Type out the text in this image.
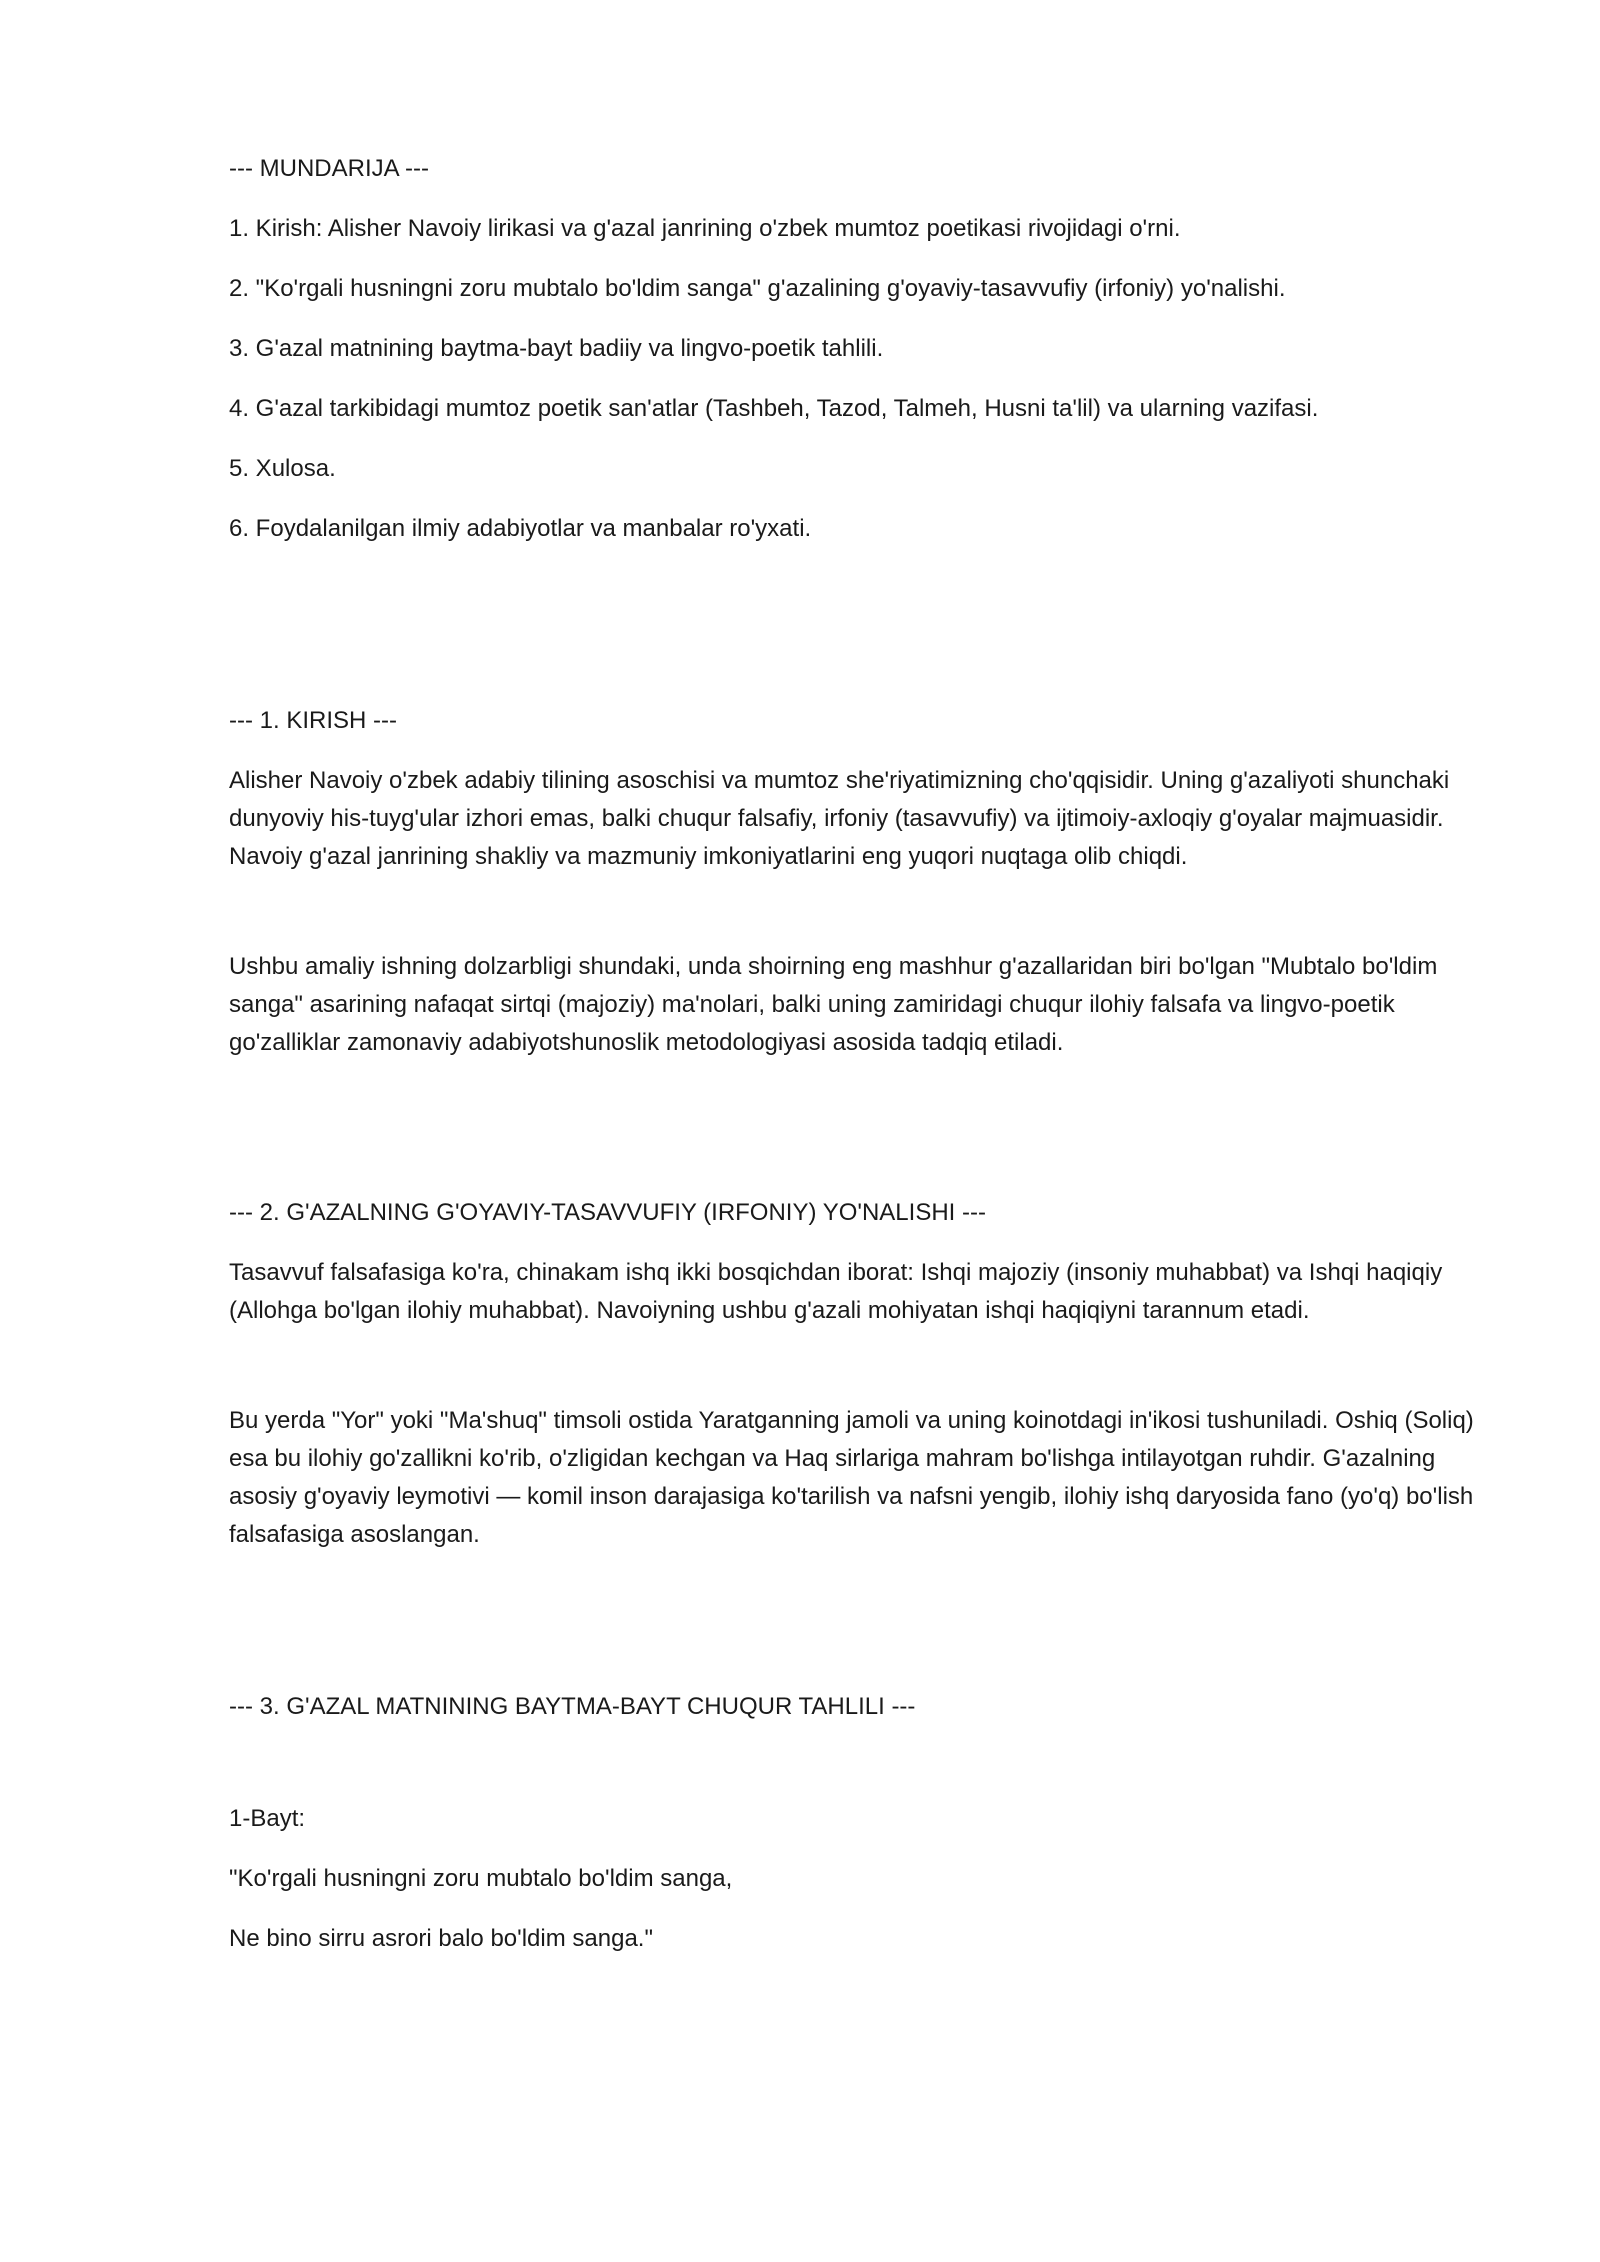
--- MUNDARIJA ---

1. Kirish: Alisher Navoiy lirikasi va g'azal janrining o'zbek mumtoz poetikasi rivojidagi o'rni.

2. "Ko'rgali husningni zoru mubtalo bo'ldim sanga" g'azalining g'oyaviy-tasavvufiy (irfoniy) yo'nalishi.

3. G'azal matnining baytma-bayt badiiy va lingvo-poetik tahlili.

4. G'azal tarkibidagi mumtoz poetik san'atlar (Tashbeh, Tazod, Talmeh, Husni ta'lil) va ularning vazifasi.

5. Xulosa.

6. Foydalanilgan ilmiy adabiyotlar va manbalar ro'yxati.

--- 1. KIRISH ---

Alisher Navoiy o'zbek adabiy tilining asoschisi va mumtoz she'riyatimizning cho'qqisidir. Uning g'azaliyoti shunchaki dunyoviy his-tuyg'ular izhori emas, balki chuqur falsafiy, irfoniy (tasavvufiy) va ijtimoiy-axloqiy g'oyalar majmuasidir. Navoiy g'azal janrining shakliy va mazmuniy imkoniyatlarini eng yuqori nuqtaga olib chiqdi.

Ushbu amaliy ishning dolzarbligi shundaki, unda shoirning eng mashhur g'azallaridan biri bo'lgan "Mubtalo bo'ldim sanga" asarining nafaqat sirtqi (majoziy) ma'nolari, balki uning zamiridagi chuqur ilohiy falsafa va lingvo-poetik go'zalliklar zamonaviy adabiyotshunoslik metodologiyasi asosida tadqiq etiladi.

--- 2. G'AZALNING G'OYAVIY-TASAVVUFIY (IRFONIY) YO'NALISHI ---

Tasavvuf falsafasiga ko'ra, chinakam ishq ikki bosqichdan iborat: Ishqi majoziy (insoniy muhabbat) va Ishqi haqiqiy (Allohga bo'lgan ilohiy muhabbat). Navoiyning ushbu g'azali mohiyatan ishqi haqiqiyni tarannum etadi.

Bu yerda "Yor" yoki "Ma'shuq" timsoli ostida Yaratganning jamoli va uning koinotdagi in'ikosi tushuniladi. Oshiq (Soliq) esa bu ilohiy go'zallikni ko'rib, o'zligidan kechgan va Haq sirlariga mahram bo'lishga intilayotgan ruhdir. G'azalning asosiy g'oyaviy leymotivi — komil inson darajasiga ko'tarilish va nafsni yengib, ilohiy ishq daryosida fano (yo'q) bo'lish falsafasiga asoslangan.

--- 3. G'AZAL MATNINING BAYTMA-BAYT CHUQUR TAHLILI ---

1-Bayt:

"Ko'rgali husningni zoru mubtalo bo'ldim sanga,

Ne bino sirru asrori balo bo'ldim sanga."
